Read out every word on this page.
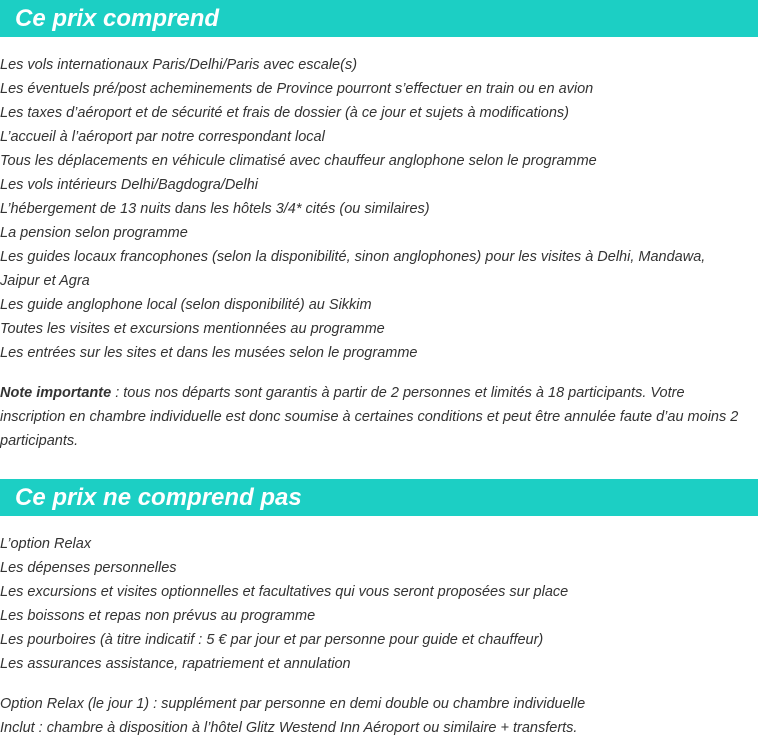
Ce prix comprend
Les vols internationaux Paris/Delhi/Paris avec escale(s)
Les éventuels pré/post acheminements de Province pourront s’effectuer en train ou en avion
Les taxes d’aéroport et de sécurité et frais de dossier (à ce jour et sujets à modifications)
L’accueil à l’aéroport par notre correspondant local
Tous les déplacements en véhicule climatisé avec chauffeur anglophone selon le programme
Les vols intérieurs Delhi/Bagdogra/Delhi
L’hébergement de 13 nuits dans les hôtels 3/4* cités (ou similaires)
La pension selon programme
Les guides locaux francophones (selon la disponibilité, sinon anglophones) pour les visites à Delhi, Mandawa, Jaipur et Agra
Les guide anglophone local (selon disponibilité) au Sikkim
Toutes les visites et excursions mentionnées au programme
Les entrées sur les sites et dans les musées selon le programme

Note importante : tous nos départs sont garantis à partir de 2 personnes et limités à 18 participants. Votre inscription en chambre individuelle est donc soumise à certaines conditions et peut être annulée faute d’au moins 2 participants.

Ce prix ne comprend pas
L’option Relax
Les dépenses personnelles
Les excursions et visites optionnelles et facultatives qui vous seront proposées sur place
Les boissons et repas non prévus au programme
Les pourboires (à titre indicatif : 5 € par jour et par personne pour guide et chauffeur)
Les assurances assistance, rapatriement et annulation

Option Relax (le jour 1) : supplément par personne en demi double ou chambre individuelle

Inclut : chambre à disposition à l’hôtel Glitz Westend Inn Aéroport ou similaire + transferts.
